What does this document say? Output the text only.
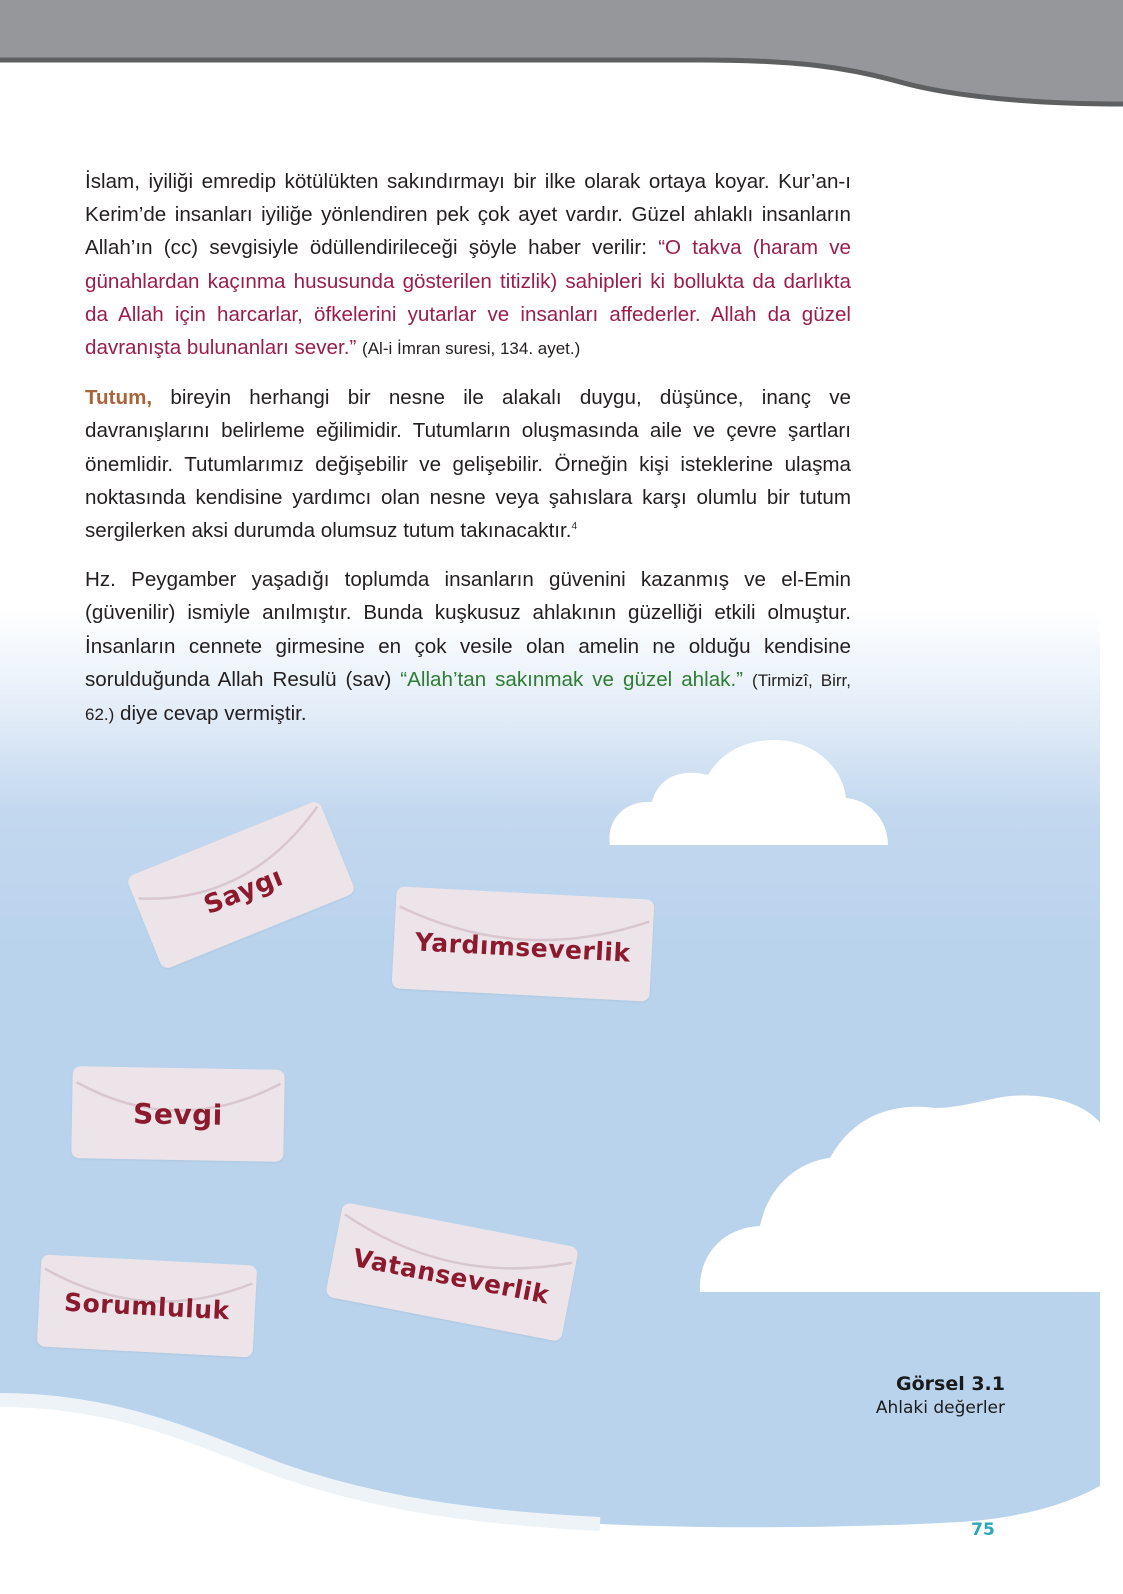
İslam, iyiliği emredip kötülükten sakındırmayı bir ilke olarak ortaya koyar. Kur’an-ı Kerim’de insanları iyiliğe yönlendiren pek çok ayet vardır. Güzel ahlaklı insanların Allah’ın (cc) sevgisiyle ödüllendirileceği şöyle haber verilir: “O takva (haram ve günahlardan kaçınma hususunda gösterilen titizlik) sahipleri ki bollukta da darlıkta da Allah için harcarlar, öfkelerini yutarlar ve insanları affederler. Allah da güzel davranışta bulunanları sever.” (Al-i İmran suresi, 134. ayet.)

Tutum, bireyin herhangi bir nesne ile alakalı duygu, düşünce, inanç ve davranışlarını belirleme eğilimidir. Tutumların oluşmasında aile ve çevre şartları önemlidir. Tutumlarımız değişebilir ve gelişebilir. Örneğin kişi isteklerine ulaşma noktasında kendisine yardımcı olan nesne veya şahıslara karşı olumlu bir tutum sergilerken aksi durumda olumsuz tutum takınacaktır.$^4$

Hz. Peygamber yaşadığı toplumda insanların güvenini kazanmış ve el-Emin (güvenilir) ismiyle anılmıştır. Bunda kuşkusuz ahlakının güzelliği etkili olmuştur. İnsanların cennete girmesine en çok vesile olan amelin ne olduğu kendisine sorulduğunda Allah Resulü (sav) “Allah’tan sakınmak ve güzel ahlak.” (Tirmizî, Birr, 62.) diye cevap vermiştir.

Saygı
Yardımseverlik
Sevgi
Vatanseverlik
Sorumluluk
Görsel 3.1
Ahlaki değerler
75
